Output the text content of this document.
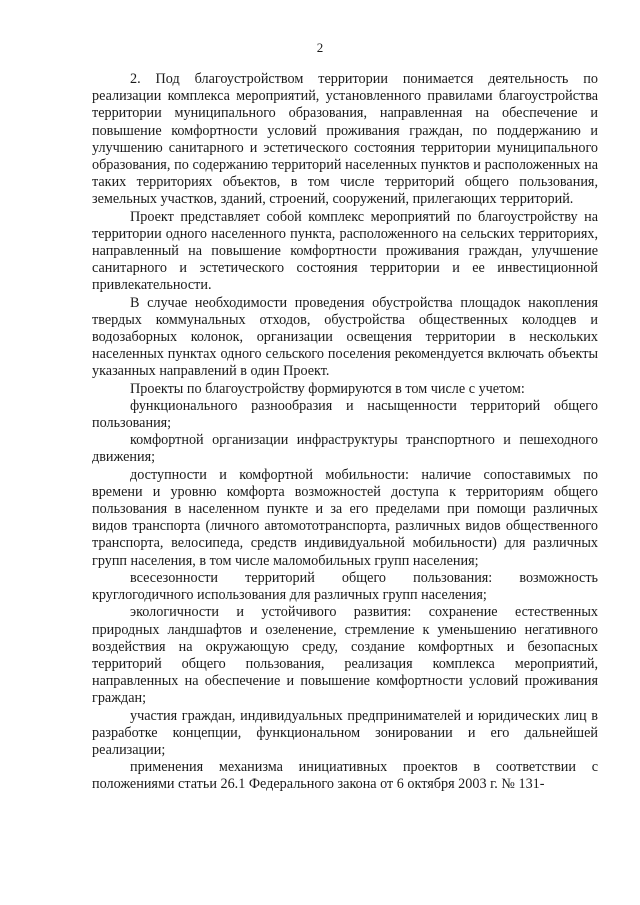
2

2. Под благоустройством территории понимается деятельность по реализации комплекса мероприятий, установленного правилами благоустройства территории муниципального образования, направленная на обеспечение и повышение комфортности условий проживания граждан, по поддержанию и улучшению санитарного и эстетического состояния территории муниципального образования, по содержанию территорий населенных пунктов и расположенных на таких территориях объектов, в том числе территорий общего пользования, земельных участков, зданий, строений, сооружений, прилегающих территорий.

Проект представляет собой комплекс мероприятий по благоустройству на территории одного населенного пункта, расположенного на сельских территориях, направленный на повышение комфортности проживания граждан, улучшение санитарного и эстетического состояния территории и ее инвестиционной привлекательности.

В случае необходимости проведения обустройства площадок накопления твердых коммунальных отходов, обустройства общественных колодцев и водозаборных колонок, организации освещения территории в нескольких населенных пунктах одного сельского поселения рекомендуется включать объекты указанных направлений в один Проект.

Проекты по благоустройству формируются в том числе с учетом:

функционального разнообразия и насыщенности территорий общего пользования;

комфортной организации инфраструктуры транспортного и пешеходного движения;

доступности и комфортной мобильности: наличие сопоставимых по времени и уровню комфорта возможностей доступа к территориям общего пользования в населенном пункте и за его пределами при помощи различных видов транспорта (личного автомототранспорта, различных видов общественного транспорта, велосипеда, средств индивидуальной мобильности) для различных групп населения, в том числе маломобильных групп населения;

всесезонности территорий общего пользования: возможность круглогодичного использования для различных групп населения;

экологичности и устойчивого развития: сохранение естественных природных ландшафтов и озеленение, стремление к уменьшению негативного воздействия на окружающую среду, создание комфортных и безопасных территорий общего пользования, реализация комплекса мероприятий, направленных на обеспечение и повышение комфортности условий проживания граждан;

участия граждан, индивидуальных предпринимателей и юридических лиц в разработке концепции, функциональном зонировании и его дальнейшей реализации;

применения механизма инициативных проектов в соответствии с положениями статьи 26.1 Федерального закона от 6 октября 2003 г. № 131-
